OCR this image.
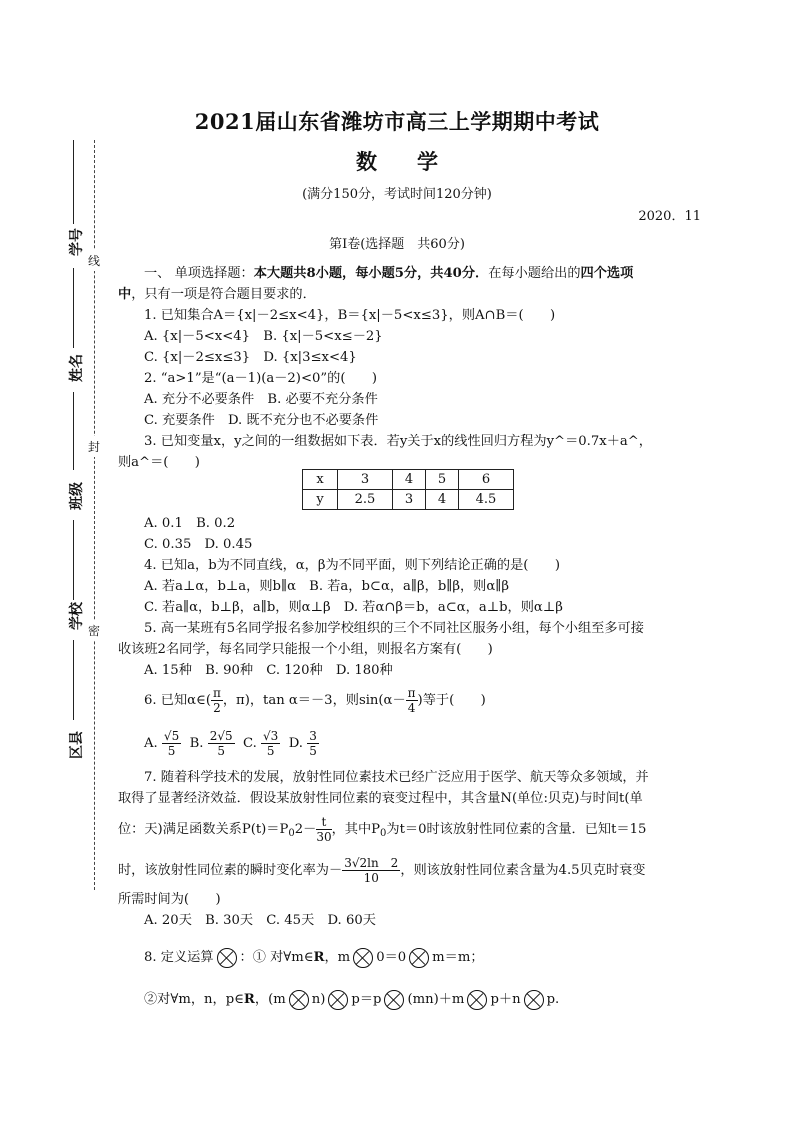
线
封
密
学号
姓名
班级
学校
区县
2021届山东省潍坊市高三上学期期中考试
数学
(满分150分，考试时间120分钟)
2020．11
第Ⅰ卷(选择题　共60分)
一、 单项选择题：本大题共8小题，每小题5分，共40分．在每小题给出的四个选项
中，只有一项是符合题目要求的．
1. 已知集合A＝{x|－2≤x<4}，B＝{x|－5<x≤3}，则A∩B＝(　　)
A. {x|－5<x<4}　B. {x|－5<x≤－2}
C. {x|－2≤x≤3}　D. {x|3≤x<4}
2. “a>1”是“(a－1)(a－2)<0”的(　　)
A. 充分不必要条件　B. 必要不充分条件
C. 充要条件　D. 既不充分也不必要条件
3. 已知变量x，y之间的一组数据如下表．若y关于x的线性回归方程为y^＝0.7x＋a^，
则a^＝(　　)
x	3	4	5	6
y	2.5	3	4	4.5
A. 0.1　B. 0.2
C. 0.35　D. 0.45
4. 已知a，b为不同直线，α，β为不同平面，则下列结论正确的是(　　)
A. 若a⊥α，b⊥a，则b∥α　B. 若a，b⊂α，a∥β，b∥β，则α∥β
C. 若a∥α，b⊥β，a∥b，则α⊥β　D. 若α∩β＝b，a⊂α，a⊥b，则α⊥β
5. 高一某班有5名同学报名参加学校组织的三个不同社区服务小组，每个小组至多可接
收该班2名同学，每名同学只能报一个小组，则报名方案有(　　)
A. 15种　B. 90种　C. 120种　D. 180种
6. 已知α∈( $\frac{\pi}{2}$ ，π)，tan α＝－3，则$\sin(\alpha- \frac{\pi}{4}$ )等于(　　)
A. $\frac{√5}{5} B$. $\frac{2√5}{5} C$. $\frac{√3}{5} D$. $\frac{3}{5}$
7. 随着科学技术的发展，放射性同位素技术已经广泛应用于医学、航天等众多领域，并
取得了显著经济效益．假设某放射性同位素的衰变过程中，其含量N(单位:贝克)与时间t(单
位：天)满足函数关系$P(t)=P_02- \frac{t}{30}$ ，其中$P_0$为t＝0时该放射性同位素的含量．已知t＝15
时，该放射性同位素的瞬时变化率为－ $\frac{3√2\ln 2}{10}$ ，则该放射性同位素含量为4.5贝克时衰变
所需时间为(　　)
A. 20天　B. 30天　C. 45天　D. 60天
8. 定义运算 ：① 对∀m∈R，m 0＝0 m＝m；
②对∀m，n，p∈R，(m n) p＝p (mn)＋m p＋n p.
